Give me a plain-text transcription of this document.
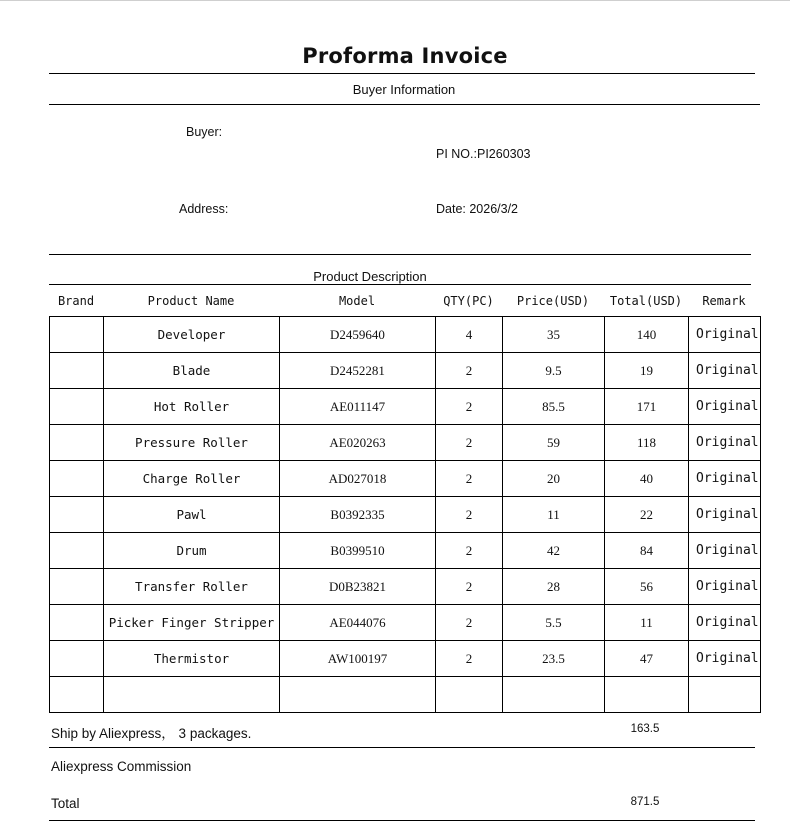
Proforma Invoice
Buyer Information
Buyer:
PI NO.:PI260303
Address:	Date: 2026/3/2
Product Description
Brand	Product Name	Model	QTY(PC)	Price(USD)	Total(USD)	Remark
	Developer	D2459640	4	35	140	Original
	Blade	D2452281	2	9.5	19	Original
	Hot Roller	AE011147	2	85.5	171	Original
	Pressure Roller	AE020263	2	59	118	Original
	Charge Roller	AD027018	2	20	40	Original
	Pawl	B0392335	2	11	22	Original
	Drum	B0399510	2	42	84	Original
	Transfer Roller	D0B23821	2	28	56	Original
	Picker Finger Stripper	AE044076	2	5.5	11	Original
	Thermistor	AW100197	2	23.5	47	Original

Ship by Aliexpress， 3 packages.	163.5
Aliexpress Commission
Total	871.5
